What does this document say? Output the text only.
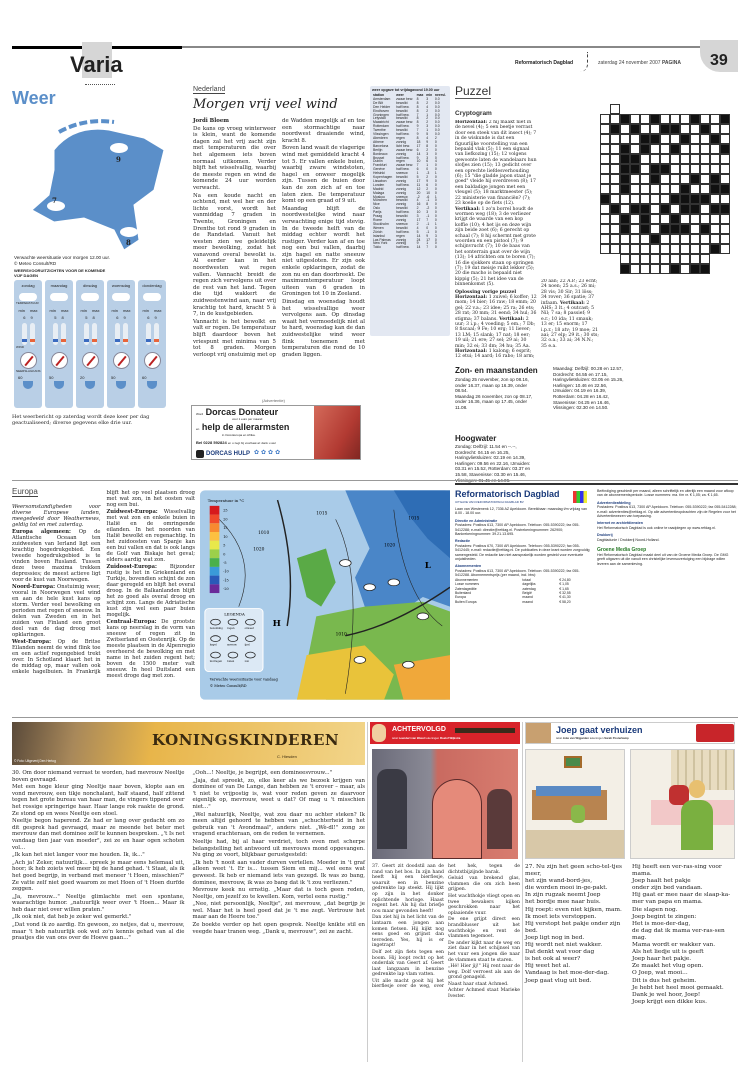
Varia	Reformatorisch Dagblad	zaterdag 24 november 2007 PAGINA 39
Weer
9
7
8
Verwachte weersituatie voor morgen 12.00 uur.
© Meteo Consult/RD
WEERSVOORUITZICHTEN VOOR DE KOMENDE VIJF DAGEN
zondag
TEMPERATUUR
min max
6 9
WIND
NEERSLAGKANS
60
maandag
min max
5 8
50
dinsdag
min max
5 8
20
woensdag
min max
6 9
50
donderdag
min max
6 9
60
Het weerbericht op zaterdag wordt deze keer per dag geactualiseerd; diverse gegevens elke drie uur.
Nederland
Morgen vrij veel wind

Jordi Bloem

De kans op vroeg winterweer is klein, want de komende dagen zal het vrij zacht zijn met temperaturen die over het algemeen iets boven normaal uitkomen. Verder blijft het wisselvallig, waarbij de meeste regen en wind de komende 24 uur worden verwacht.

Na een koude nacht en ochtend, met wel her en der lichte vorst, wordt het vanmiddag 7 graden in Twente, Groningen en Drenthe tot rond 9 graden in de Randstad. Vanuit het westen zien we geleidelijk meer bewolking, zodat het vanavond overal bewolkt is. Al eerder kan in het noordwesten wat regen vallen. Vannacht breidt de regen zich vervolgens uit over de rest van het land. Tegen die tijd wakkert de zuidwestenwind aan, naar vrij krachtig tot hard, kracht 5 à 7, in de kustgebieden.

Vannacht is het bewolkt en valt er regen. De temperatuur blijft daardoor boven het vriespunt met minima van 5 tot 8 graden. Morgen verloopt vrij onstuimig met op de Wadden mogelijk af en toe een stormachtige naar noordwest draaiende wind, kracht 8.

Boven land waait de vlagerige wind met gemiddeld kracht 4 tot 5. Er vallen enkele buien, waarbij zware windstoten, hagel en onweer mogelijk zijn. Tussen de buien door kan de zon zich af en toe laten zien. De temperatuur komt op een graad of 9 uit.

Maandag blijft de noordwestelijke wind naar verwachting enige tijd stevig. In de tweede helft van de middag echter wordt het rustiger. Verder kan af en toe nog een bui vallen, daarbij zijn hagel en natte sneeuw niet uitgesloten. Er zijn ook enkele opklaringen, zodat de zon nu en dan doorbreekt. De maximumtemperatuur loopt uiteen van 6 graden in Groningen tot 10 in Zeeland.

Dinsdag en woensdag houdt het wisselvallige weer vervolgens aan. Op dinsdag waait het vermoedelijk niet al te hard, woensdag kan de dan zuidwestelijke wind weer flink toenemen met temperaturen die rond de 10 graden liggen.

weer opgave tot vrijdagavond 19.00 uur
station	weer	max	min	neersl.
Amsterdam	zwaar bew.	8	3	0.0
De Bilt	bewolkt	8	2	0.0
Den Helder	half bew.	8	4	0.0
Eindhoven	bewolkt	8	2	0.0
Groningen	half bew.	7	1	0.0
Lelystad	bewolkt	8	2	0.0
Maastricht	zwaar bew.	8	2	0.0
Rotterdam	half bew.	9	3	0.0
Twenthe	bewolkt	7	1	0.0
Vlissingen	half bew.	9	5	0.0
Aberdeen	regen	8	4	2
Athene	zonnig	18	9	0
Barcelona	licht bew.	17	8	0
Berlijn	zwaar bew.	6	2	0
Bordeaux	zonnig	14	3	0
Brussel	half bew.	9	3	0
Dublin	regen	10	6	4
Frankfurt	zwaar bew.	7	1	0
Genève	half bew.	6	0	0
Helsinki	sneeuw	1	-3	1
Kopenhagen	bewolkt	5	2	0
Lissabon	zonnig	17	9	0
Londen	half bew.	11	6	0
Madrid	zonnig	12	2	0
Malaga	zonnig	20	10	0
Moskou	sneeuw	-2	-6	1
München	bewolkt	4	-1	0
Nice	zonnig	16	8	0
Oslo	bewolkt	2	-2	0
Parijs	half bew.	10	3	0
Praag	bewolkt	3	-1	0
Rome	zonnig	17	7	0
Stockholm	sneeuw	2	-1	1
Wenen	bewolkt	4	0	0
Zürich	half bew.	5	-1	0
Istanbul	regen	14	9	3
Las Palmas	zonnig	24	17	0
New York	zonnig	9	1	0
Tokio	half bew.	14	7	0
Puzzel
Cryptogram
Horizontaal: 2 hij maakt niet in de nevel (4); 5 een beetje verrast door een steek van dit insect (4); 7 in de wiskunde is dat een figuurlijke voorstelling van een bepaald vlak (5); 11 een signaal van liefkozing (15); 12 volgens gewoonte laten de wandelaars hun slofjes zien (15); 13 gedicht over een oprechte liefdesverhouding (6); 15 "die gladde japon staat je goed" vleide hij overdreven (8); 17 een baldadige jongen met een vleugel (5); 18 marktmeester (5); 22 ministerie van financiën? (7); 23 koelie op de fiets (12). Vertikaal: 1 zo'n borrel houdt de wormen weg (18); 3 de verliezer krijgt de waarde van een kop koffie (10); 4 het ijs en deze wijn zijn beide zoet (6); 6 gerecht op schaal (7); 8 hij schermt met grote woorden en een pistool (7); 9 schijnvrucht (7); 10 de baas van het sonterrain gaat over de wijn (13); 14 africhten om te boren (7); 16 die sjokkers staan op springen (7); 19 dat meisje ruikt lekker (5); 20 die macho is bepaald niet kippig (5); 21 het idee van de binnenkomst (5).
Oplossing vorige puzzel
Horizontaal: 1 zuivel; 6 koffer; 12 mom; 14 bier; 16 raw; 18 emm; 20 gel; 22 v.a.; 23 idee; 25 ra; 26 ets; 28 rat; 30 mm; 31 eend; 34 hul; 36 stigma; 37 balans. Vertikaal: 2 uur; 3 i.p.; 4 voeding; 5 em.; 7 Db; 8 fiscaal; 9 Fe; 10 erg; 11 liever; 13 LM; 15 slank; 17 nat; 18 eer; 19 uil; 21 ere; 27 sel; 29 ai; 30 min; 32 ei; 33 dm; 34 hu; 35 Aa. Horizontaal: 1 kalong; 6 esprit; 12 etui; 14 aard; 16 rabo; 18 arm;
20 aan; 22 A.P.; 23 echt; 24 noen; 25 a.s.; 26 mi; 28 vis; 30 Sir; 31 löss; 34 rover; 36 spatie; 37 infaam. Vertikaal: 2 AHS; 3 lt.; 4 outcast; 5 Nil; 7 sa; 8 passief; 9 e.r.; 10 ida; 11 smauk; 13 er; 15 enorm; 17 i.p.r.; 18 atv; 19 moe; 21 aai; 27 elp; 29 it.; 30 sts; 32 o.a.; 33 ai; 34 N.N.; 35 e.a.
(Advertentie)
Word Dorcas Donateur
voor 1 euro per maand
en help de allerarmsten
in Oost-Europa en Afrika.
Bel 0228 592824 en u zegt bij voorbaat al: dank u wel
DORCAS HULP ✿✿✿✿
Zon- en maanstanden
Zondag 25 november, zon op 08.16, onder 16.37, maan op 16.39, onder 08.54.
Maandag 26 november, zon op 08.17, onder 16.36, maan op 17.45, onder 11.08.
Hoogwater
Zondag: Delfzijl: 11.54 en --.--, Dordrecht: 04.15 en 16.25, Haringvlietsluizen: 02.19 en 14.39, Harlingen: 09.56 en 22.16, IJmuiden: 03.31 en 15.52, Rotterdam: 03.37 en 15.58, Stavenisse: 03.30 en 15.46,
Maandag: Delfzijl: 00.28 en 12.57, Dordrecht: 04.55 en 17.15, Haringvlietsluizen: 03.05 en 15.26, Harlingen: 10.46 en 22.56, IJmuiden: 04.19 en 16.39, Rotterdam: 04.28 en 16.42, Stavenisse: 04.25 en 16.46, Vlissingen: 02.30 en 14.50.
Europa

Weersomstandigheden voor diverse Europese landen, meegedeeld door Weathernews, geldig tot en met zaterdag.

Europa algemeen: Op de Atlantische Oceaan ten zuidwesten van Ierland ligt een krachtig hogedrukgebied. Een tweede hogedrukgebied is te vinden boven Rusland. Tussen deze twee maxima trekken depressies; de meest actieve ligt voor de kust van Noorwegen.

Noord-Europa: Onstuimig weer, vooral in Noorwegen veel wind en aan de hele kust kans op storm. Verder veel bewolking en perioden met regen of sneeuw. In delen van Zweden en in het zuiden van Finland een groot deel van de dag droog met opklaringen.

West-Europa: Op de Britse Eilanden neemt de wind flink toe en een actief regengebied trekt over. In Schotland klaart het in de middag op, maar vallen ook enkele hagelbuien. In Frankrijk blijft het op veel plaatsen droog met wat zon, in het oosten valt nog een bui.

Zuidwest-Europa: Wisselvallig met wat zon en enkele buien in Italië en de omringende eilanden. In het noorden van Italië bewolkt en regenachtig. In het zuidoosten van Spanje kan een bui vallen en dat is ook langs de Golf van Biskaje het geval; elders aardig wat zon.

Zuidoost-Europa: Bijzonder rustig is het in Griekenland en Turkije, bovendien schijnt de zon daar geregeld en blijft het overal droog. In de Balkanlanden blijft het zo goed als overal droog en schijnt zon. Langs de Adriatische kust zijn wel een paar buien mogelijk.

Centraal-Europa: De grootste kans op neerslag in de vorm van sneeuw of regen zit in Zwitserland en Oostenrijk. Op de meeste plaatsen in de Alpenregio overheerst de bewolking en met name in het zuiden regent het; boven de 1500 meter valt sneeuw. In heel Duitsland een meest droge dag met zon.

25
20
15
10
5
0
-5
-10
-15
-20
Temperatuur in °C
1010
1020
1015
1015
1020
1010
LEGENDA
bewolking regen	onweer
hagel	sneeuw	ijzel
motregen buien	zon
H
L
Verwachte weerssituatie voor vandaag
© Meteo Consult/RD
Reformatorisch Dagblad
UITGAVE VAN REFORMATORISCH DAGBLAD BV

Laan van Westenenk 12, 7336 AZ Apeldoorn. Bereikbaar: maandag t/m vrijdag van 8.00 - 18.00 uur.

Directie en Administratie
Postadres: Postbus 613, 7300 AP Apeldoorn. Telefoon: 055-5390222; fax 055-5412288; e-mail: directie@refdag.nl. Postrekeningnummer: 262900; Bankrekeningnummer: 39.21.13.695.
Redactie
Postadres: Postbus 670, 7300 AR Apeldoorn. Telefoon: 055-5390222; fax 055-5412445; e-mail: redactie@refdag.nl. De publicaties in deze krant worden zorgvuldig samengesteld. De redactie kan niet aansprakelijk worden gesteld voor eventuele onjuistheden.
Abonnementen
Postadres: Postbus 613, 7300 AP Apeldoorn. Telefoon: 055-5390222; fax 055-5412288. Abonnementsprijs (per maand, incl. btw):
Abonnementen	totaal	€ 24,80
Losse nummers	dagelijks	€ 1,05
Zaterdageditie	zaterdag	€ 1,65
Buitenland	België	€ 32,55
Europa	maand	€ 41,30
Buiten Europa	maand	€ 58,20

Beëindiging geschiedt per maand, alleen schriftelijk en uiterlijk een maand voor afloop van de abonnementsperiode. Losse nummers: ma. t/m vr. € 1,05; za. € 1,65.

Advertentieafdeling
Postadres: Postbus 613, 7300 AP Apeldoorn. Telefoon: 055-5390222; fax 055-5412288; e-mail: advertenties@refdag.nl. Op alle advertentieopdrachten zijn de Regelen voor het Advertentiewezen van toepassing.
Internet en archiefdiensten
Het Reformatorisch Dagblad is ook online te raadplegen op www.refdag.nl.
Drukkerij
Dagbladunie / Drukkerij Noord-Holland.
Groene Media Groep
Het Reformatorisch Dagblad maakt deel uit van de Groene Media Groep. De GMG geeft uitgaven uit die vanuit een christelijke levensovertuiging een bijdrage willen leveren aan de samenleving.
KONINGSKINDEREN
C. Hiesden
© Foto: Uitgeverij Den Hertog

30. Om door niemand verrast te worden, had mevrouw Neeltje boven gevraagd.

Met een hoge kleur ging Neeltje naar boven, klopte aan en vond mevrouw, een tikje nonchalant, half staand, half zittend tegen het grote bureau van haar man, de vingers tippend over het rossige springerige haar. Haar lange rok raakte de grond. Ze stond op en wees Neeltje een stoel.

Neeltje begon haperend. Ze had er lang over gedacht om zo dit gesprek had gevraagd, maar ze meende het beter met mevrouw dan met dominee zelf te kunnen bespreken. „'t Is net vandaag tien jaar van moeder", zei ze en haar ogen schoten vol...

„Ik kan het niet langer voor me houden. Ik, ik..."

„Ach ja! Zeker, natuurlijk... spreek je maar eens helemaal uit, hoor; ik heb zoiets wel meer bij de hand gehad. 't Staat, als ik het goed begrijp, in verband met meneer 't Hoen, misschien?" Ze vatte zelf niet goed waarom ze met Hoen of 't Hoen durfde zeggen.

„Ja, mevrouw..." Neeltje glimlachte met een spontane, waarachtige humor. „natuurlijk weer over 't Hoen... Maar ik heb daar niet over willen praten."

„Ik ook niet, dat heb je zeker wel gemerkt."

„Dat vond ik zo aardig. En gewoon, zo netjes, dat u, mevrouw, maar 't heb natuurlijk ook wel zo'n kennis gehad van al die praatjes die van ons over de Hoeve gaan..."

„Ooh...! Neeltje, je begrijpt, een domineesvrouw..."

„Jaja, dat spreekt, zo, elke keer als we bezoek krijgen van dominee of van De Lange, dan hebben ze 't erover – maar, als 't niet te vrijpostig is, wat voor reden geven ze daarvoor eigenlijk op, mevrouw, weet u dat? Of mag u 't misschien niet..."

„Wel natuurlijk, Neeltje, wat zou daar nu achter steken? Ik meen altijd gehoord te hebben van „schuchterheid in het gebruik van 't Avondmaal", anders niet. „Wè-dl!" zong ze vragend erachteraan, om de reden te vernemen.

Neeltje had, bij al haar verdriet, toch even met scherpe belangstelling het antwoord uit mevrouws mond opgevangen. Nu ging ze voort, blijkbaar gerustgesteld:

„Ik heb 't nooit aan vader durven vertellen. Moeder in 't graf alleen weet 't. Er is... tussen Siem en mij... wel eens wat geweest. Ik heb er niemand iets van gezegd. Ik was zo bang, dominee, mevrouw, ik was zo bang dat ik 't zou verliezen."

Mevrouw keek nu ernstig. „Maar dat is toch geen reden, Neeltje, om jezelf zo te kwellen. Kom, vertel eens rustig."

„Nee, niet persoonlijk, Neeltje", zei mevrouw, „dat begrijp je wel. Maar het is heel goed dat je 't me zegt. Vertrouw het maar aan de Heere toe."

Ze boekte verder op het open gesprek. Neeltje knikte stil en veegde haar tranen weg. „Dank u, mevrouw", zei ze zacht.

ACHTERVOLGD
tekst Leendert van Wezel tekeningen Roelof Wijkstra

37. Geert zit doodstil aan de rand van het bos. In zijn hand heeft hij een bierflesje, waaruit een in benzine gedrenkte lap steekt. Hij lijkt op zijn in het donker oplichtende horloge. Haast regent het. Als hij dat briefje nou maar gevonden heeft!

Dan ziet hij in het licht van de lantaarn een jongen aan komen fietsen. Hij kijkt nog eens goed en grijnst dan tevreden. Yes, hij is er ingetrapt!

Dolf zet zijn fiets tegen een boom. Hij loopt recht op het onderdak van Geert af. Geert laat langzaam in benzine gedrenkte lap vlam vatten.

Uit alle macht gooit hij het bierflesje over de weg, over het hek, tegen de dichtstbijzijnde barak.

Geluid van brekend glas, vlammen die om zich heen grijpen.

Het wachthokje vliegt open en twee bewakers kijken geschrokken naar het oplaaiende vuur.

De ene grijpt direct een brandblusser uit het wachthokje en rent de vlammen tegemoet.

De ander kijkt naar de weg en ziet daar in het schijnsel van het vuur een jongen die naar de vlammen staat te staren.

„Hé! Hier jij!" Hij rent naar de weg. Dolf verroest als aan de grond genageld.

Naast haar staat Achmed.

Achter Achmed staat Marieke Ivester.

Joep gaat verhuizen
tekst Joke van Wijgarden tekeningen Sarah Posterkamp
27. Nu zijn het geen scho-tel-tjes meer,
het zijn wand-bord-jes,
die worden mooi in-ge-pakt.
In zijn rugzak neemt Joep
het bordje mee naar huis.
Hij roept: even niet kijken, mam.
Ik moet iets verstoppen.
Hij verstopt het pakje onder zijn bed.
Joep ligt nog in bed.
Hij wordt net niet wakker.
Dat denkt wat voor dag
is het ook al weer?
Hij weet het al.
Vandaag is het moe-der-dag.
Joep gaat vlug uit bed.
Hij heeft een ver-ras-sing voor mama.
Joep haalt het pakje
onder zijn bed vandaan.
Hij gaat er mee naar de slaap-ka-mer van papa en mama.
Die slapen nog.
Joep begint te zingen:
Het is moe-der-dag,
de dag dat ik mama ver-ras-sen mag.
Mama wordt er wakker van.
Als het liedje uit is geeft
Joep haar het pakje.
Ze maakt het vlug open.
O Joep, wat mooi...
Dit is dus het geheim.
Je hebt het heel mooi gemaakt.
Dank je wel hoor, Joep!
Joep krijgt een dikke kus.
